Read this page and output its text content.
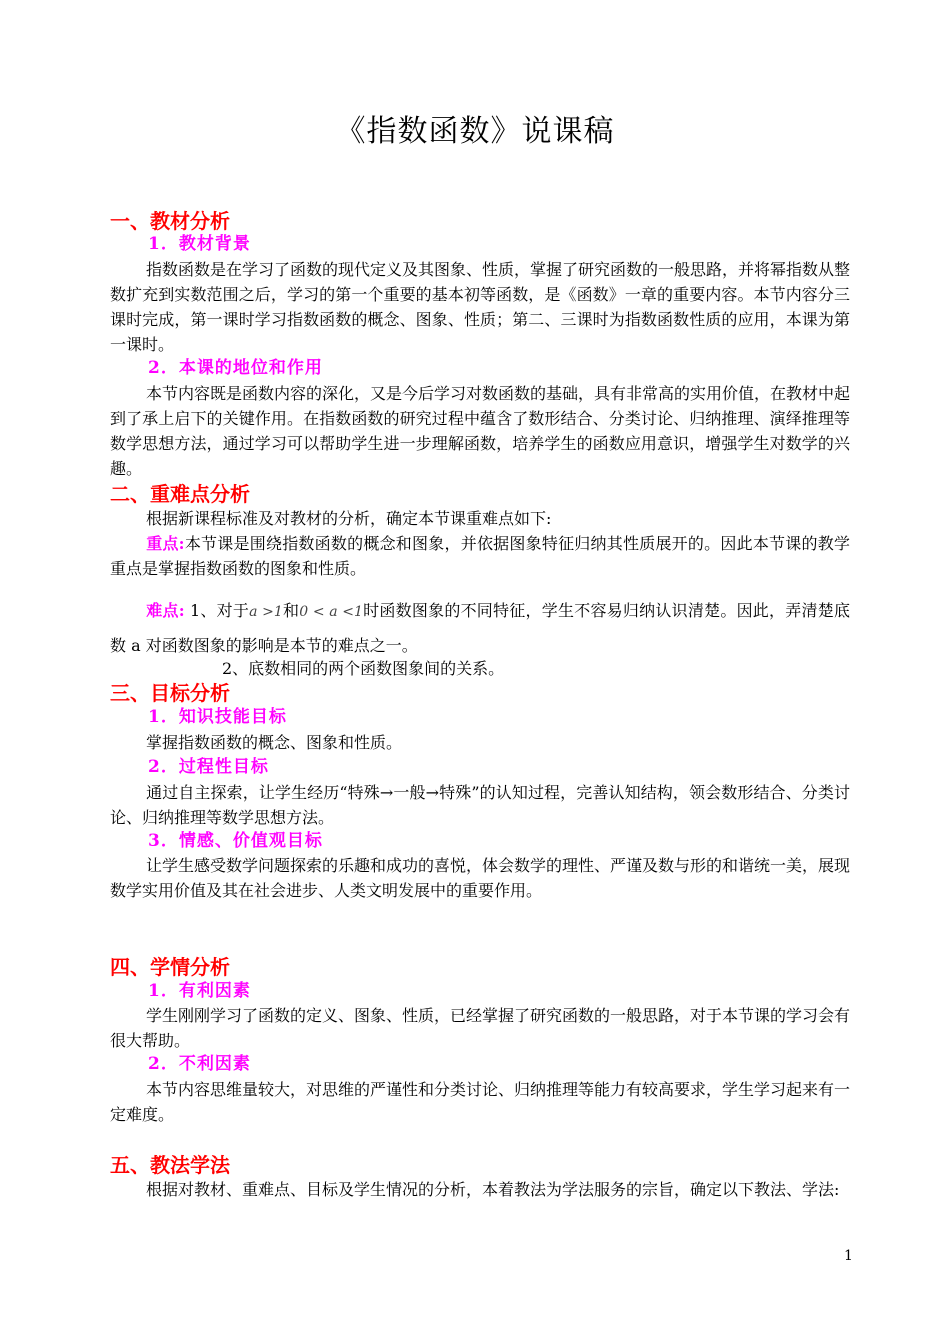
《指数函数》说课稿
一、教材分析
1．教材背景
指数函数是在学习了函数的现代定义及其图象、性质，掌握了研究函数的一般思路，并将幂指数从整数扩充到实数范围之后，学习的第一个重要的基本初等函数，是《函数》一章的重要内容。本节内容分三课时完成，第一课时学习指数函数的概念、图象、性质；第二、三课时为指数函数性质的应用，本课为第一课时。
2．本课的地位和作用
本节内容既是函数内容的深化，又是今后学习对数函数的基础，具有非常高的实用价值，在教材中起到了承上启下的关键作用。在指数函数的研究过程中蕴含了数形结合、分类讨论、归纳推理、演绎推理等数学思想方法，通过学习可以帮助学生进一步理解函数，培养学生的函数应用意识，增强学生对数学的兴趣。
二、重难点分析
根据新课程标准及对教材的分析，确定本节课重难点如下:
重点:本节课是围绕指数函数的概念和图象，并依据图象特征归纳其性质展开的。因此本节课的教学重点是掌握指数函数的图象和性质。
难点: 1、对于a >1和0 < a <1时函数图象的不同特征，学生不容易归纳认识清楚。因此，弄清楚底数 a 对函数图象的影响是本节的难点之一。
2、底数相同的两个函数图象间的关系。
三、目标分析
1．知识技能目标
掌握指数函数的概念、图象和性质。
2．过程性目标
通过自主探索，让学生经历“特殊→一般→特殊”的认知过程，完善认知结构，领会数形结合、分类讨论、归纳推理等数学思想方法。
3．情感、价值观目标
让学生感受数学问题探索的乐趣和成功的喜悦，体会数学的理性、严谨及数与形的和谐统一美，展现数学实用价值及其在社会进步、人类文明发展中的重要作用。
四、学情分析
1．有利因素
学生刚刚学习了函数的定义、图象、性质，已经掌握了研究函数的一般思路，对于本节课的学习会有很大帮助。
2．不利因素
本节内容思维量较大，对思维的严谨性和分类讨论、归纳推理等能力有较高要求，学生学习起来有一定难度。
五、教法学法
根据对教材、重难点、目标及学生情况的分析，本着教法为学法服务的宗旨，确定以下教法、学法:
1
